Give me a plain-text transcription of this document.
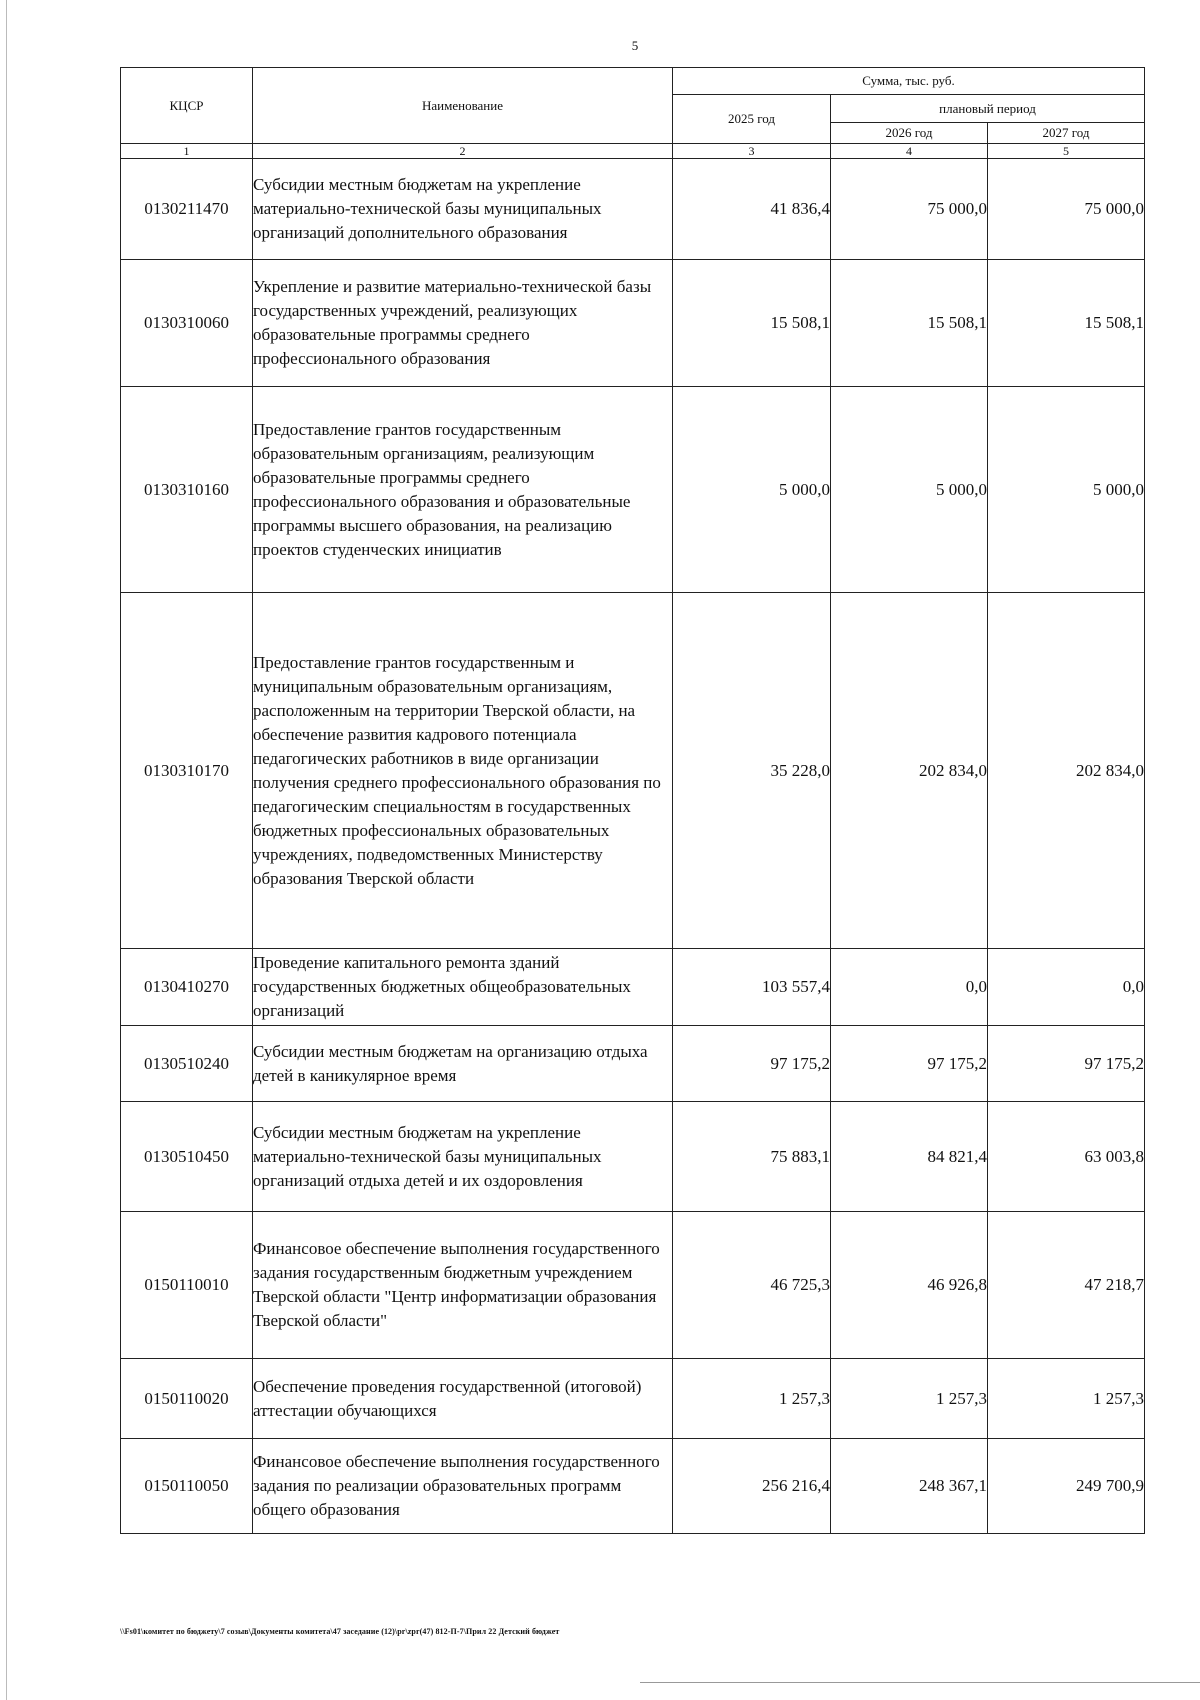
5
КЦСР	Наименование	Сумма, тыс. руб.		
		2025 год	плановый период	
			2026 год	2027 год
1	2	3	4	5
0130211470	Субсидии местным бюджетам на укрепление материально-технической базы муниципальных организаций дополнительного образования	41 836,4	75 000,0	75 000,0
0130310060	Укрепление и развитие материально-технической базы государственных учреждений, реализующих образовательные программы среднего профессионального образования	15 508,1	15 508,1	15 508,1
0130310160	Предоставление грантов государственным образовательным организациям, реализующим образовательные программы среднего профессионального образования и образовательные программы высшего образования, на реализацию проектов студенческих инициатив	5 000,0	5 000,0	5 000,0
0130310170	Предоставление грантов государственным и муниципальным образовательным организациям, расположенным на территории Тверской области, на обеспечение развития кадрового потенциала педагогических работников в виде организации получения среднего профессионального образования по педагогическим специальностям в государственных бюджетных профессиональных образовательных учреждениях, подведомственных Министерству образования Тверской области	35 228,0	202 834,0	202 834,0
0130410270	Проведение капитального ремонта зданий государственных бюджетных общеобразовательных организаций	103 557,4	0,0	0,0
0130510240	Субсидии местным бюджетам на организацию отдыха детей в каникулярное время	97 175,2	97 175,2	97 175,2
0130510450	Субсидии местным бюджетам на укрепление материально-технической базы муниципальных организаций отдыха детей и их оздоровления	75 883,1	84 821,4	63 003,8
0150110010	Финансовое обеспечение выполнения государственного задания государственным бюджетным учреждением Тверской области "Центр информатизации образования Тверской области"	46 725,3	46 926,8	47 218,7
0150110020	Обеспечение проведения государственной (итоговой) аттестации обучающихся	1 257,3	1 257,3	1 257,3
0150110050	Финансовое обеспечение выполнения государственного задания по реализации образовательных программ общего образования	256 216,4	248 367,1	249 700,9
\\Fs01\комитет по бюджету\7 созыв\Документы комитета\47 заседание (12)\pr\zpr(47) 812-П-7\Прил 22 Детский бюджет
